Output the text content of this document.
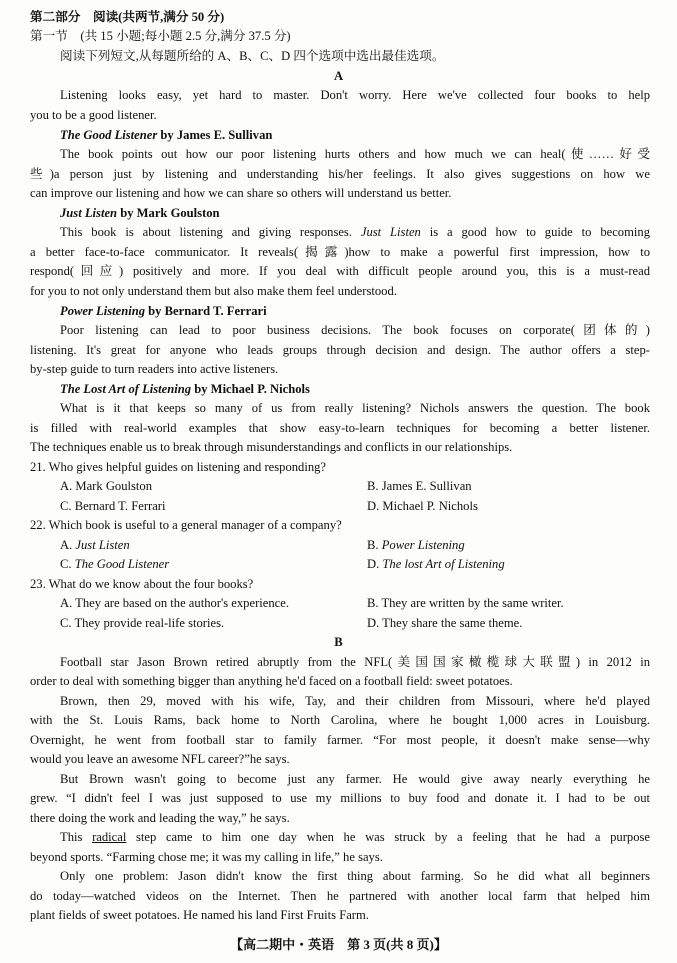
第二部分　阅读(共两节,满分 50 分)
第一节　(共 15 小题;每小题 2.5 分,满分 37.5 分)
阅读下列短文,从每题所给的 A、B、C、D 四个选项中选出最佳选项。
A
Listening looks easy, yet hard to master. Don't worry. Here we've collected four books to help
you to be a good listener.
The Good Listener by James E. Sullivan
The book points out how our poor listening hurts others and how much we can heal(使……好受
些)a person just by listening and understanding his/her feelings. It also gives suggestions on how we
can improve our listening and how we can share so others will understand us better.
Just Listen by Mark Goulston
This book is about listening and giving responses. Just Listen is a good how to guide to becoming
a better face-to-face communicator. It reveals(揭露)how to make a powerful first impression, how to
respond(回应) positively and more. If you deal with difficult people around you, this is a must-read
for you to not only understand them but also make them feel understood.
Power Listening by Bernard T. Ferrari
Poor listening can lead to poor business decisions. The book focuses on corporate(团体的)
listening. It's great for anyone who leads groups through decision and design. The author offers a step-
by-step guide to turn readers into active listeners.
The Lost Art of Listening by Michael P. Nichols
What is it that keeps so many of us from really listening? Nichols answers the question. The book
is filled with real-world examples that show easy-to-learn techniques for becoming a better listener.
The techniques enable us to break through misunderstandings and conflicts in our relationships.
21. Who gives helpful guides on listening and responding?
A. Mark Goulston	B. James E. Sullivan
C. Bernard T. Ferrari	D. Michael P. Nichols
22. Which book is useful to a general manager of a company?
A. Just Listen	B. Power Listening
C. The Good Listener	D. The lost Art of Listening
23. What do we know about the four books?
A. They are based on the author's experience.	B. They are written by the same writer.
C. They provide real-life stories.	D. They share the same theme.
B
Football star Jason Brown retired abruptly from the NFL(美国国家橄榄球大联盟) in 2012 in
order to deal with something bigger than anything he'd faced on a football field: sweet potatoes.
Brown, then 29, moved with his wife, Tay, and their children from Missouri, where he'd played
with the St. Louis Rams, back home to North Carolina, where he bought 1,000 acres in Louisburg.
Overnight, he went from football star to family farmer. “For most people, it doesn't make sense—why
would you leave an awesome NFL career?”he says.
But Brown wasn't going to become just any farmer. He would give away nearly everything he
grew. “I didn't feel I was just supposed to use my millions to buy food and donate it. I had to be out
there doing the work and leading the way,” he says.
This radical step came to him one day when he was struck by a feeling that he had a purpose
beyond sports. “Farming chose me; it was my calling in life,” he says.
Only one problem: Jason didn't know the first thing about farming. So he did what all beginners
do today—watched videos on the Internet. Then he partnered with another local farm that helped him
plant fields of sweet potatoes. He named his land First Fruits Farm.
【高二期中・英语　第 3 页(共 8 页)】
